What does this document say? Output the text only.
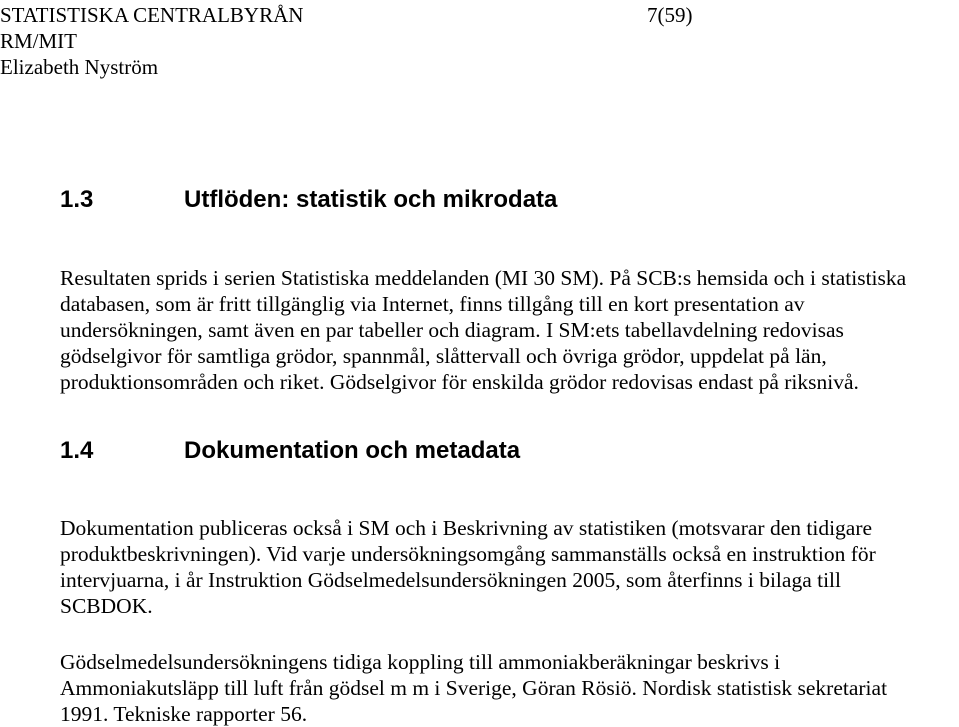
STATISTISKA CENTRALBYRÅN	7(59)
RM/MIT
Elizabeth Nyström
1.3	Utflöden: statistik och mikrodata

Resultaten sprids i serien Statistiska meddelanden (MI 30 SM). På SCB:s hemsida och i statistiska
databasen, som är fritt tillgänglig via Internet, finns tillgång till en kort presentation av
undersökningen, samt även en par tabeller och diagram. I SM:ets tabellavdelning redovisas
gödselgivor för samtliga grödor, spannmål, slåttervall och övriga grödor, uppdelat på län,
produktionsområden och riket. Gödselgivor för enskilda grödor redovisas endast på riksnivå.

1.4	Dokumentation och metadata

Dokumentation publiceras också i SM och i Beskrivning av statistiken (motsvarar den tidigare
produktbeskrivningen). Vid varje undersökningsomgång sammanställs också en instruktion för
intervjuarna, i år Instruktion Gödselmedelsundersökningen 2005, som återfinns i bilaga till
SCBDOK.

Gödselmedelsundersökningens tidiga koppling till ammoniakberäkningar beskrivs i
Ammoniakutsläpp till luft från gödsel m m i Sverige, Göran Rösiö. Nordisk statistisk sekretariat
1991. Tekniske rapporter 56.
